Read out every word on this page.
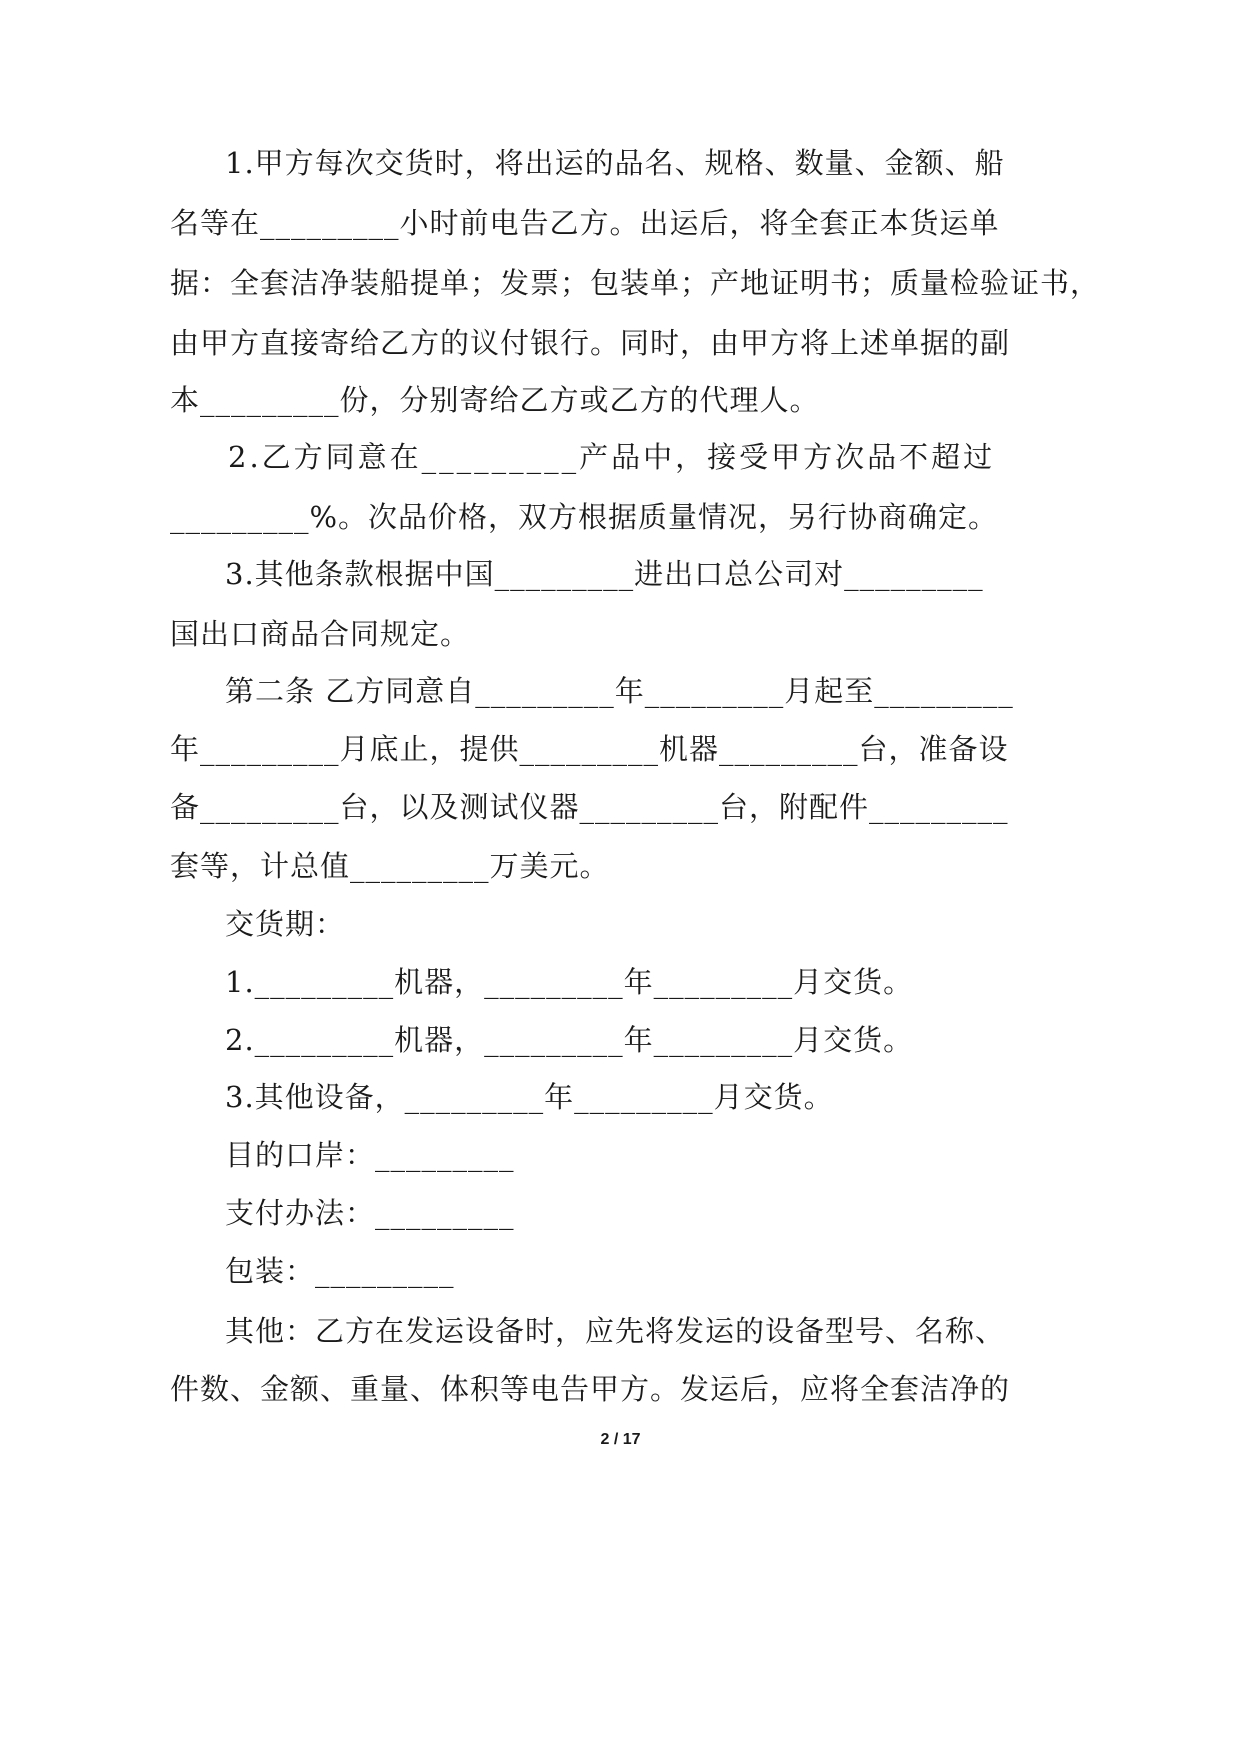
1.甲方每次交货时，将出运的品名、规格、数量、金额、船
名等在_________小时前电告乙方。出运后，将全套正本货运单
据：全套洁净装船提单；发票；包装单；产地证明书；质量检验证书，
由甲方直接寄给乙方的议付银行。同时，由甲方将上述单据的副
本_________份，分别寄给乙方或乙方的代理人。
2.乙方同意在_________产品中，接受甲方次品不超过
_________%。次品价格，双方根据质量情况，另行协商确定。
3.其他条款根据中国_________进出口总公司对_________
国出口商品合同规定。
第二条 乙方同意自_________年_________月起至_________
年_________月底止，提供_________机器_________台，准备设
备_________台，以及测试仪器_________台，附配件_________
套等，计总值_________万美元。
交货期：
1._________机器，_________年_________月交货。
2._________机器，_________年_________月交货。
3.其他设备，_________年_________月交货。
目的口岸：_________
支付办法：_________
包装：_________
其他：乙方在发运设备时，应先将发运的设备型号、名称、
件数、金额、重量、体积等电告甲方。发运后，应将全套洁净的
2 / 17
